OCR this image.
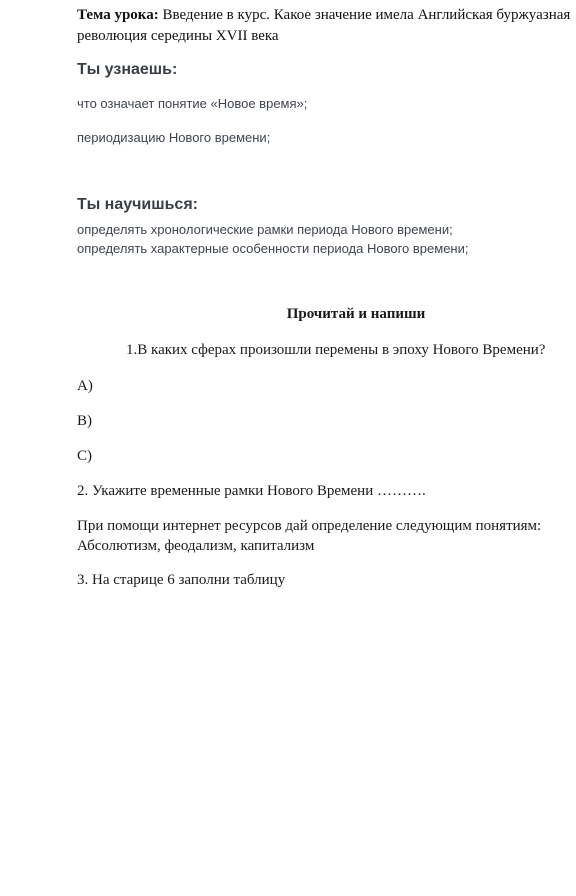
Тема урока: Введение в курс. Какое значение имела Английская буржуазная
революция середины XVII века
Ты узнаешь:
что означает понятие «Новое время»;
периодизацию Нового времени;
Ты научишься:
определять хронологические рамки периода Нового времени;
определять характерные особенности периода Нового времени;
Прочитай и напиши
1.В каких сферах произошли перемены в эпоху Нового Времени?
A)
B)
C)
2. Укажите временные рамки Нового Времени ……….
При помощи интернет ресурсов дай определение следующим понятиям:
Абсолютизм, феодализм, капитализм
3. На старице 6 заполни таблицу
